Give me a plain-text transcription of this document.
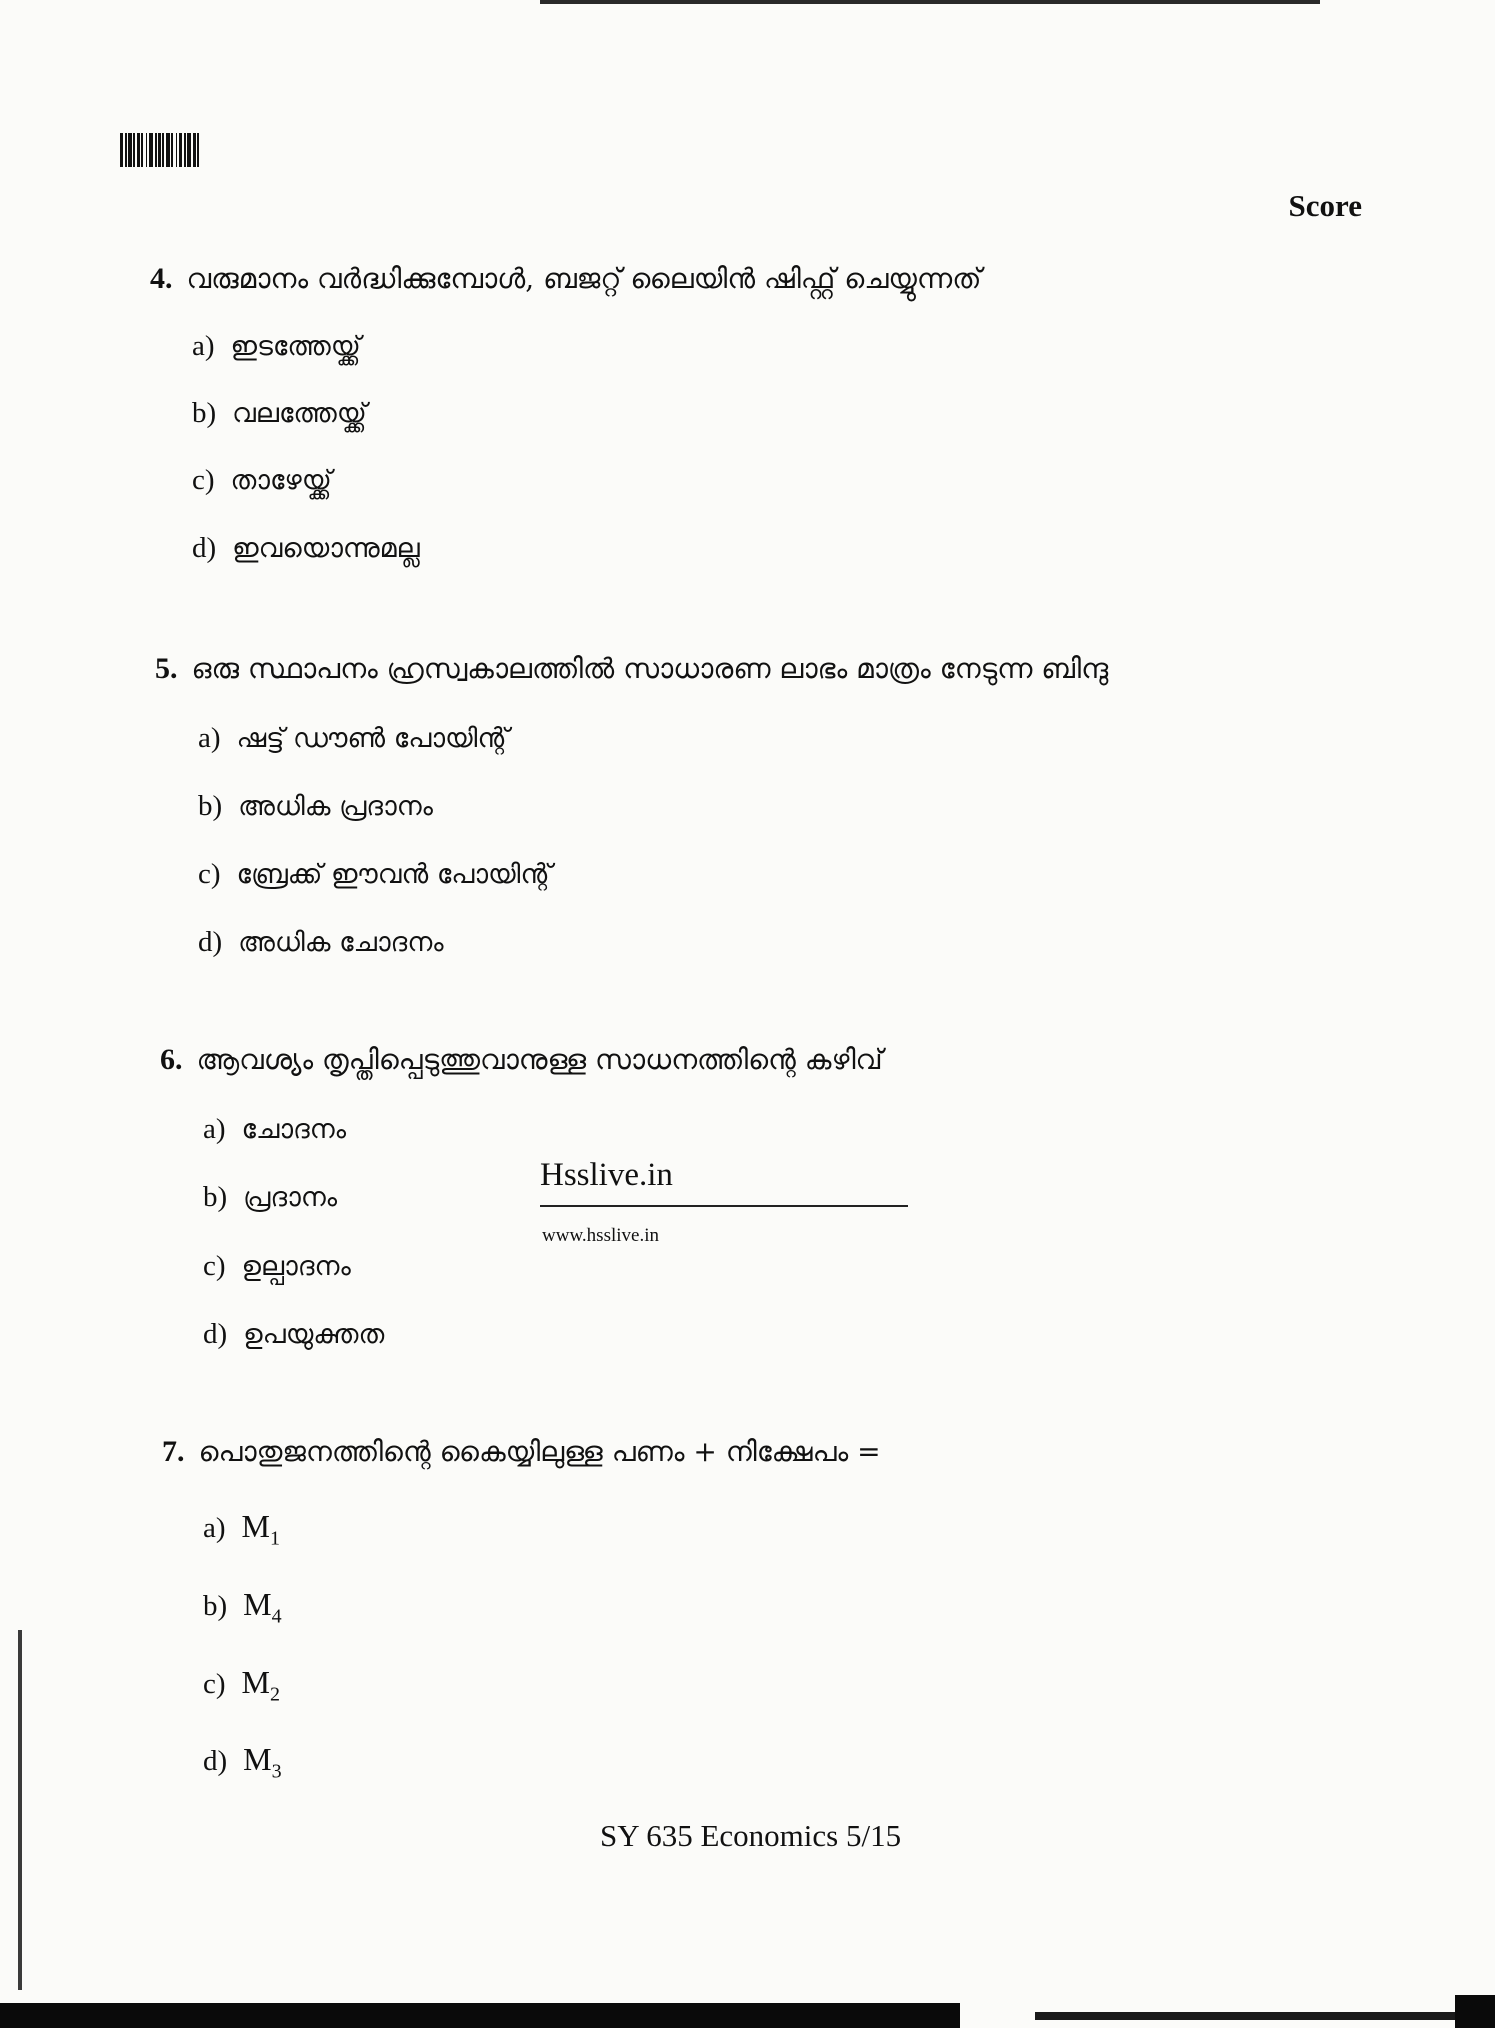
Score
4. വരുമാനം വർദ്ധിക്കുമ്പോൾ, ബജറ്റ് ലൈയിൻ ഷിഫ്റ്റ് ചെയ്യുന്നത്
a) ഇടത്തേയ്ക്ക്
b) വലത്തേയ്ക്ക്
c) താഴേയ്ക്ക്
d) ഇവയൊന്നുമല്ല
5. ഒരു സ്ഥാപനം ഹ്രസ്വകാലത്തിൽ സാധാരണ ലാഭം മാത്രം നേടുന്ന ബിന്ദു
a) ഷട്ട് ഡൗൺ പോയിന്റ്
b) അധിക പ്രദാനം
c) ബ്രേക്ക് ഈവൻ പോയിന്റ്
d) അധിക ചോദനം
6. ആവശ്യം തൃപ്തിപ്പെടുത്തുവാനുള്ള സാധനത്തിന്റെ കഴിവ്
a) ചോദനം
b) പ്രദാനം
c) ഉല്പാദനം
d) ഉപയുക്തത
Hsslive.in
www.hsslive.in
7. പൊതുജനത്തിന്റെ കൈയ്യിലുള്ള പണം + നിക്ഷേപം =
a) $M_1$
b) $M_4$
c) $M_2$
d) $M_3$
SY 635 Economics 5/15
